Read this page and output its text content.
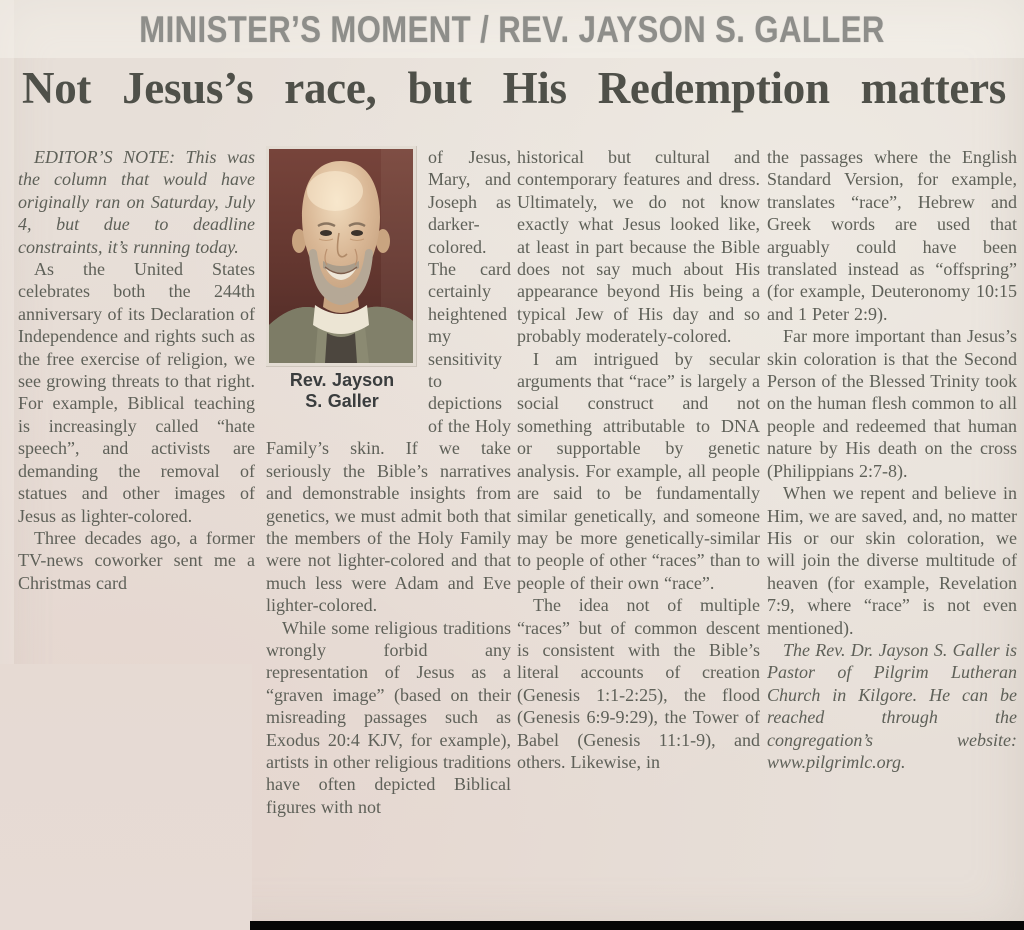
MINISTER’S MOMENT / REV. JAYSON S. GALLER
Not Jesus’s race, but His Redemption matters

EDITOR’S NOTE: This was the column that would have originally ran on Saturday, July 4, but due to deadline constraints, it’s running today.

As the United States celebrates both the 244th anniversary of its Declaration of Independence and rights such as the free exercise of religion, we see growing threats to that right. For example, Biblical teaching is increasingly called “hate speech”, and activists are demanding the removal of statues and other images of Jesus as lighter-colored.

Three decades ago, a former TV-news coworker sent me a Christmas card

Rev. Jayson
S. Galler

of Jesus, Mary, and Joseph as darker-colored. The card certainly heightened my sensitivity to depictions of the Holy Family’s skin. If we take seriously the Bible’s narratives and demonstrable insights from genetics, we must admit both that the members of the Holy Family were not lighter-colored and that much less were Adam and Eve lighter-colored.

While some religious traditions wrongly forbid any representation of Jesus as a “graven image” (based on their misreading passages such as Exodus 20:4 KJV, for example), artists in other religious traditions have often depicted Biblical figures with not

historical but cultural and contemporary features and dress. Ultimately, we do not know exactly what Jesus looked like, at least in part because the Bible does not say much about His appearance beyond His being a typical Jew of His day and so probably moderately-colored.

I am intrigued by secular arguments that “race” is largely a social construct and not something attributable to DNA or supportable by genetic analysis. For example, all people are said to be fundamentally similar genetically, and someone may be more genetically-similar to people of other “races” than to people of their own “race”.

The idea not of multiple “races” but of common descent is consistent with the Bible’s literal accounts of creation (Genesis 1:1-2:25), the flood (Genesis 6:9-9:29), the Tower of Babel (Genesis 11:1-9), and others. Likewise, in

the passages where the English Standard Version, for example, translates “race”, Hebrew and Greek words are used that arguably could have been translated instead as “offspring” (for example, Deuteronomy 10:15 and 1 Peter 2:9).

Far more important than Jesus’s skin coloration is that the Second Person of the Blessed Trinity took on the human flesh common to all people and redeemed that human nature by His death on the cross (Philippians 2:7-8).

When we repent and believe in Him, we are saved, and, no matter His or our skin coloration, we will join the diverse multitude of heaven (for example, Revelation 7:9, where “race” is not even mentioned).

The Rev. Dr. Jayson S. Galler is Pastor of Pilgrim Lutheran Church in Kilgore. He can be reached through the congregation’s website: www.pilgrimlc.org.
